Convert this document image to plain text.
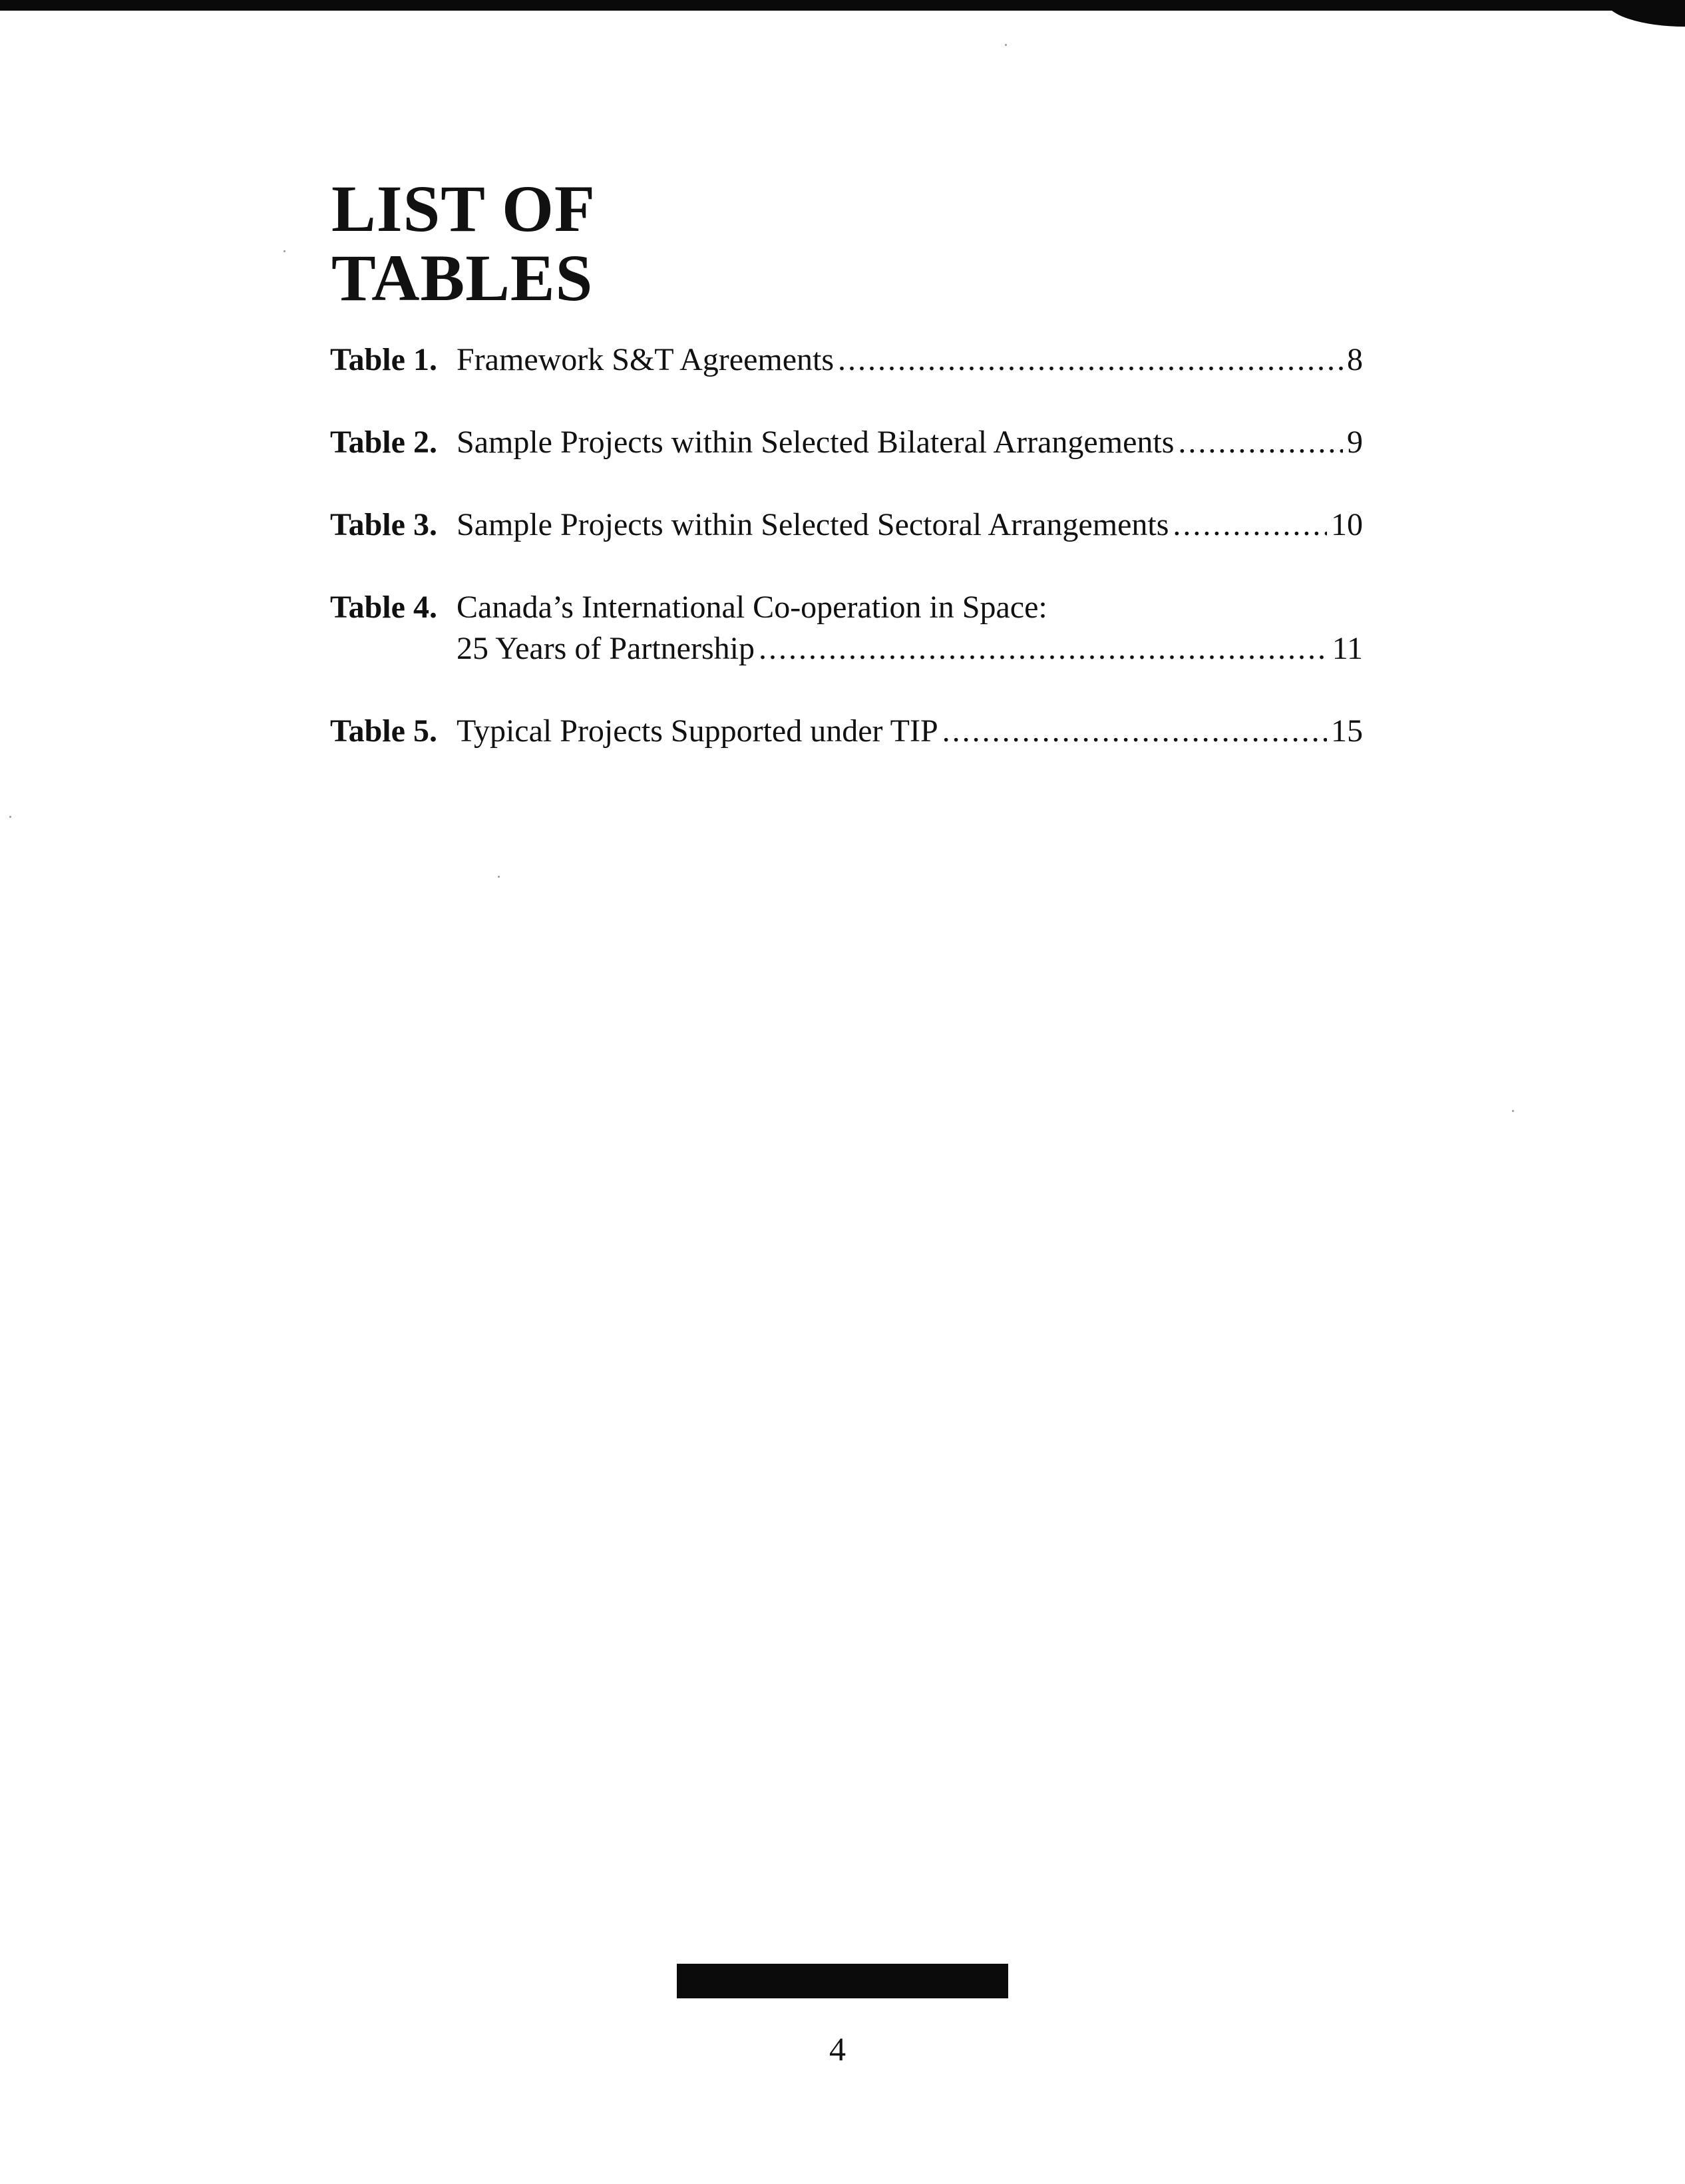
LIST OF
TABLES
Table 1. Framework S&T Agreements .....	8
Table 2. Sample Projects within Selected Bilateral Arrangements .....	9
Table 3. Sample Projects within Selected Sectoral Arrangements .....	10
Table 4. Canada’s International Co-operation in Space:
25 Years of Partnership .....	11
Table 5. Typical Projects Supported under TIP .....	15
4
